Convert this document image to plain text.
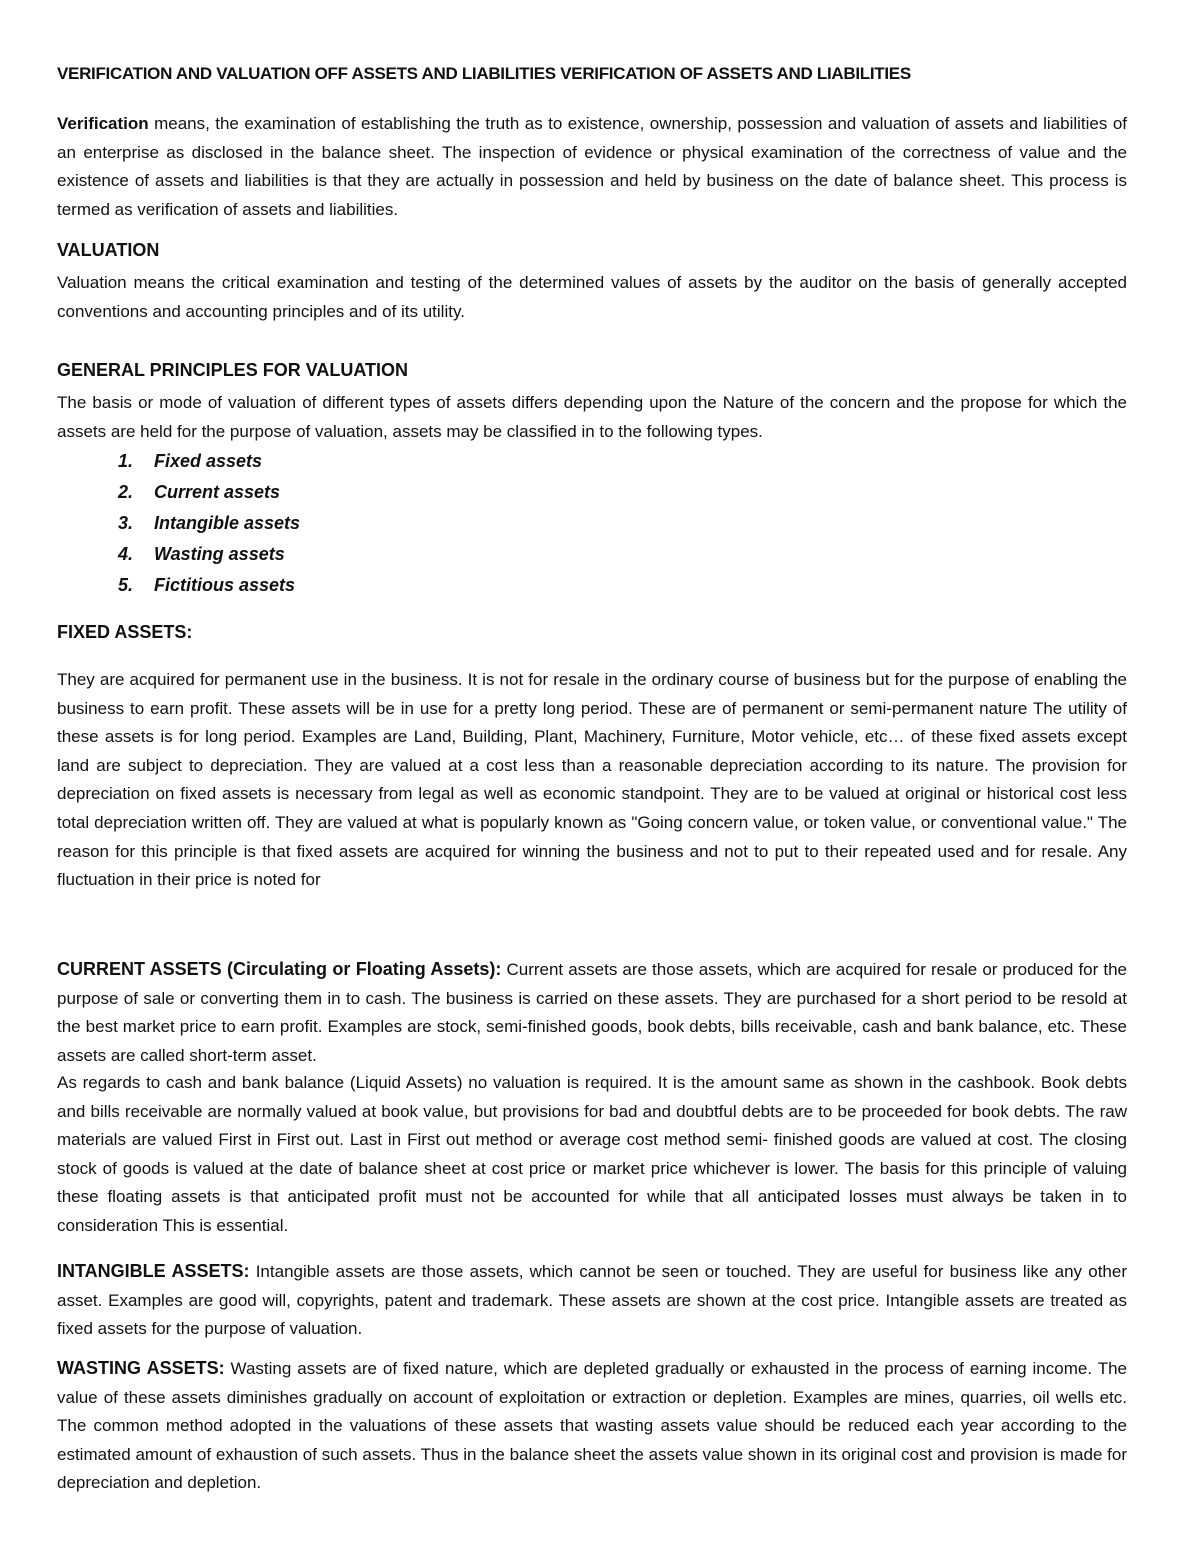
VERIFICATION AND VALUATION OFF ASSETS AND LIABILITIES VERIFICATION OF ASSETS AND LIABILITIES

Verification means, the examination of establishing the truth as to existence, ownership, possession and valuation of assets and liabilities of an enterprise as disclosed in the balance sheet. The inspection of evidence or physical examination of the correctness of value and the existence of assets and liabilities is that they are actually in possession and held by business on the date of balance sheet. This process is termed as verification of assets and liabilities.

VALUATION

Valuation means the critical examination and testing of the determined values of assets by the auditor on the basis of generally accepted conventions and accounting principles and of its utility.

GENERAL PRINCIPLES FOR VALUATION

The basis or mode of valuation of different types of assets differs depending upon the Nature of the concern and the propose for which the assets are held for the purpose of valuation, assets may be classified in to the following types.

1. Fixed assets
2. Current assets
3. Intangible assets
4. Wasting assets
5. Fictitious assets
FIXED ASSETS:

They are acquired for permanent use in the business. It is not for resale in the ordinary course of business but for the purpose of enabling the business to earn profit. These assets will be in use for a pretty long period. These are of permanent or semi-permanent nature The utility of these assets is for long period. Examples are Land, Building, Plant, Machinery, Furniture, Motor vehicle, etc… of these fixed assets except land are subject to depreciation. They are valued at a cost less than a reasonable depreciation according to its nature. The provision for depreciation on fixed assets is necessary from legal as well as economic standpoint. They are to be valued at original or historical cost less total depreciation written off. They are valued at what is popularly known as "Going concern value, or token value, or conventional value." The reason for this principle is that fixed assets are acquired for winning the business and not to put to their repeated used and for resale. Any fluctuation in their price is noted for

CURRENT ASSETS (Circulating or Floating Assets): Current assets are those assets, which are acquired for resale or produced for the purpose of sale or converting them in to cash. The business is carried on these assets. They are purchased for a short period to be resold at the best market price to earn profit. Examples are stock, semi-finished goods, book debts, bills receivable, cash and bank balance, etc. These assets are called short-term asset.

As regards to cash and bank balance (Liquid Assets) no valuation is required. It is the amount same as shown in the cashbook. Book debts and bills receivable are normally valued at book value, but provisions for bad and doubtful debts are to be proceeded for book debts. The raw materials are valued First in First out. Last in First out method or average cost method semi- finished goods are valued at cost. The closing stock of goods is valued at the date of balance sheet at cost price or market price whichever is lower. The basis for this principle of valuing these floating assets is that anticipated profit must not be accounted for while that all anticipated losses must always be taken in to consideration This is essential.

INTANGIBLE ASSETS: Intangible assets are those assets, which cannot be seen or touched. They are useful for business like any other asset. Examples are good will, copyrights, patent and trademark. These assets are shown at the cost price. Intangible assets are treated as fixed assets for the purpose of valuation.

WASTING ASSETS: Wasting assets are of fixed nature, which are depleted gradually or exhausted in the process of earning income. The value of these assets diminishes gradually on account of exploitation or extraction or depletion. Examples are mines, quarries, oil wells etc. The common method adopted in the valuations of these assets that wasting assets value should be reduced each year according to the estimated amount of exhaustion of such assets. Thus in the balance sheet the assets value shown in its original cost and provision is made for depreciation and depletion.
